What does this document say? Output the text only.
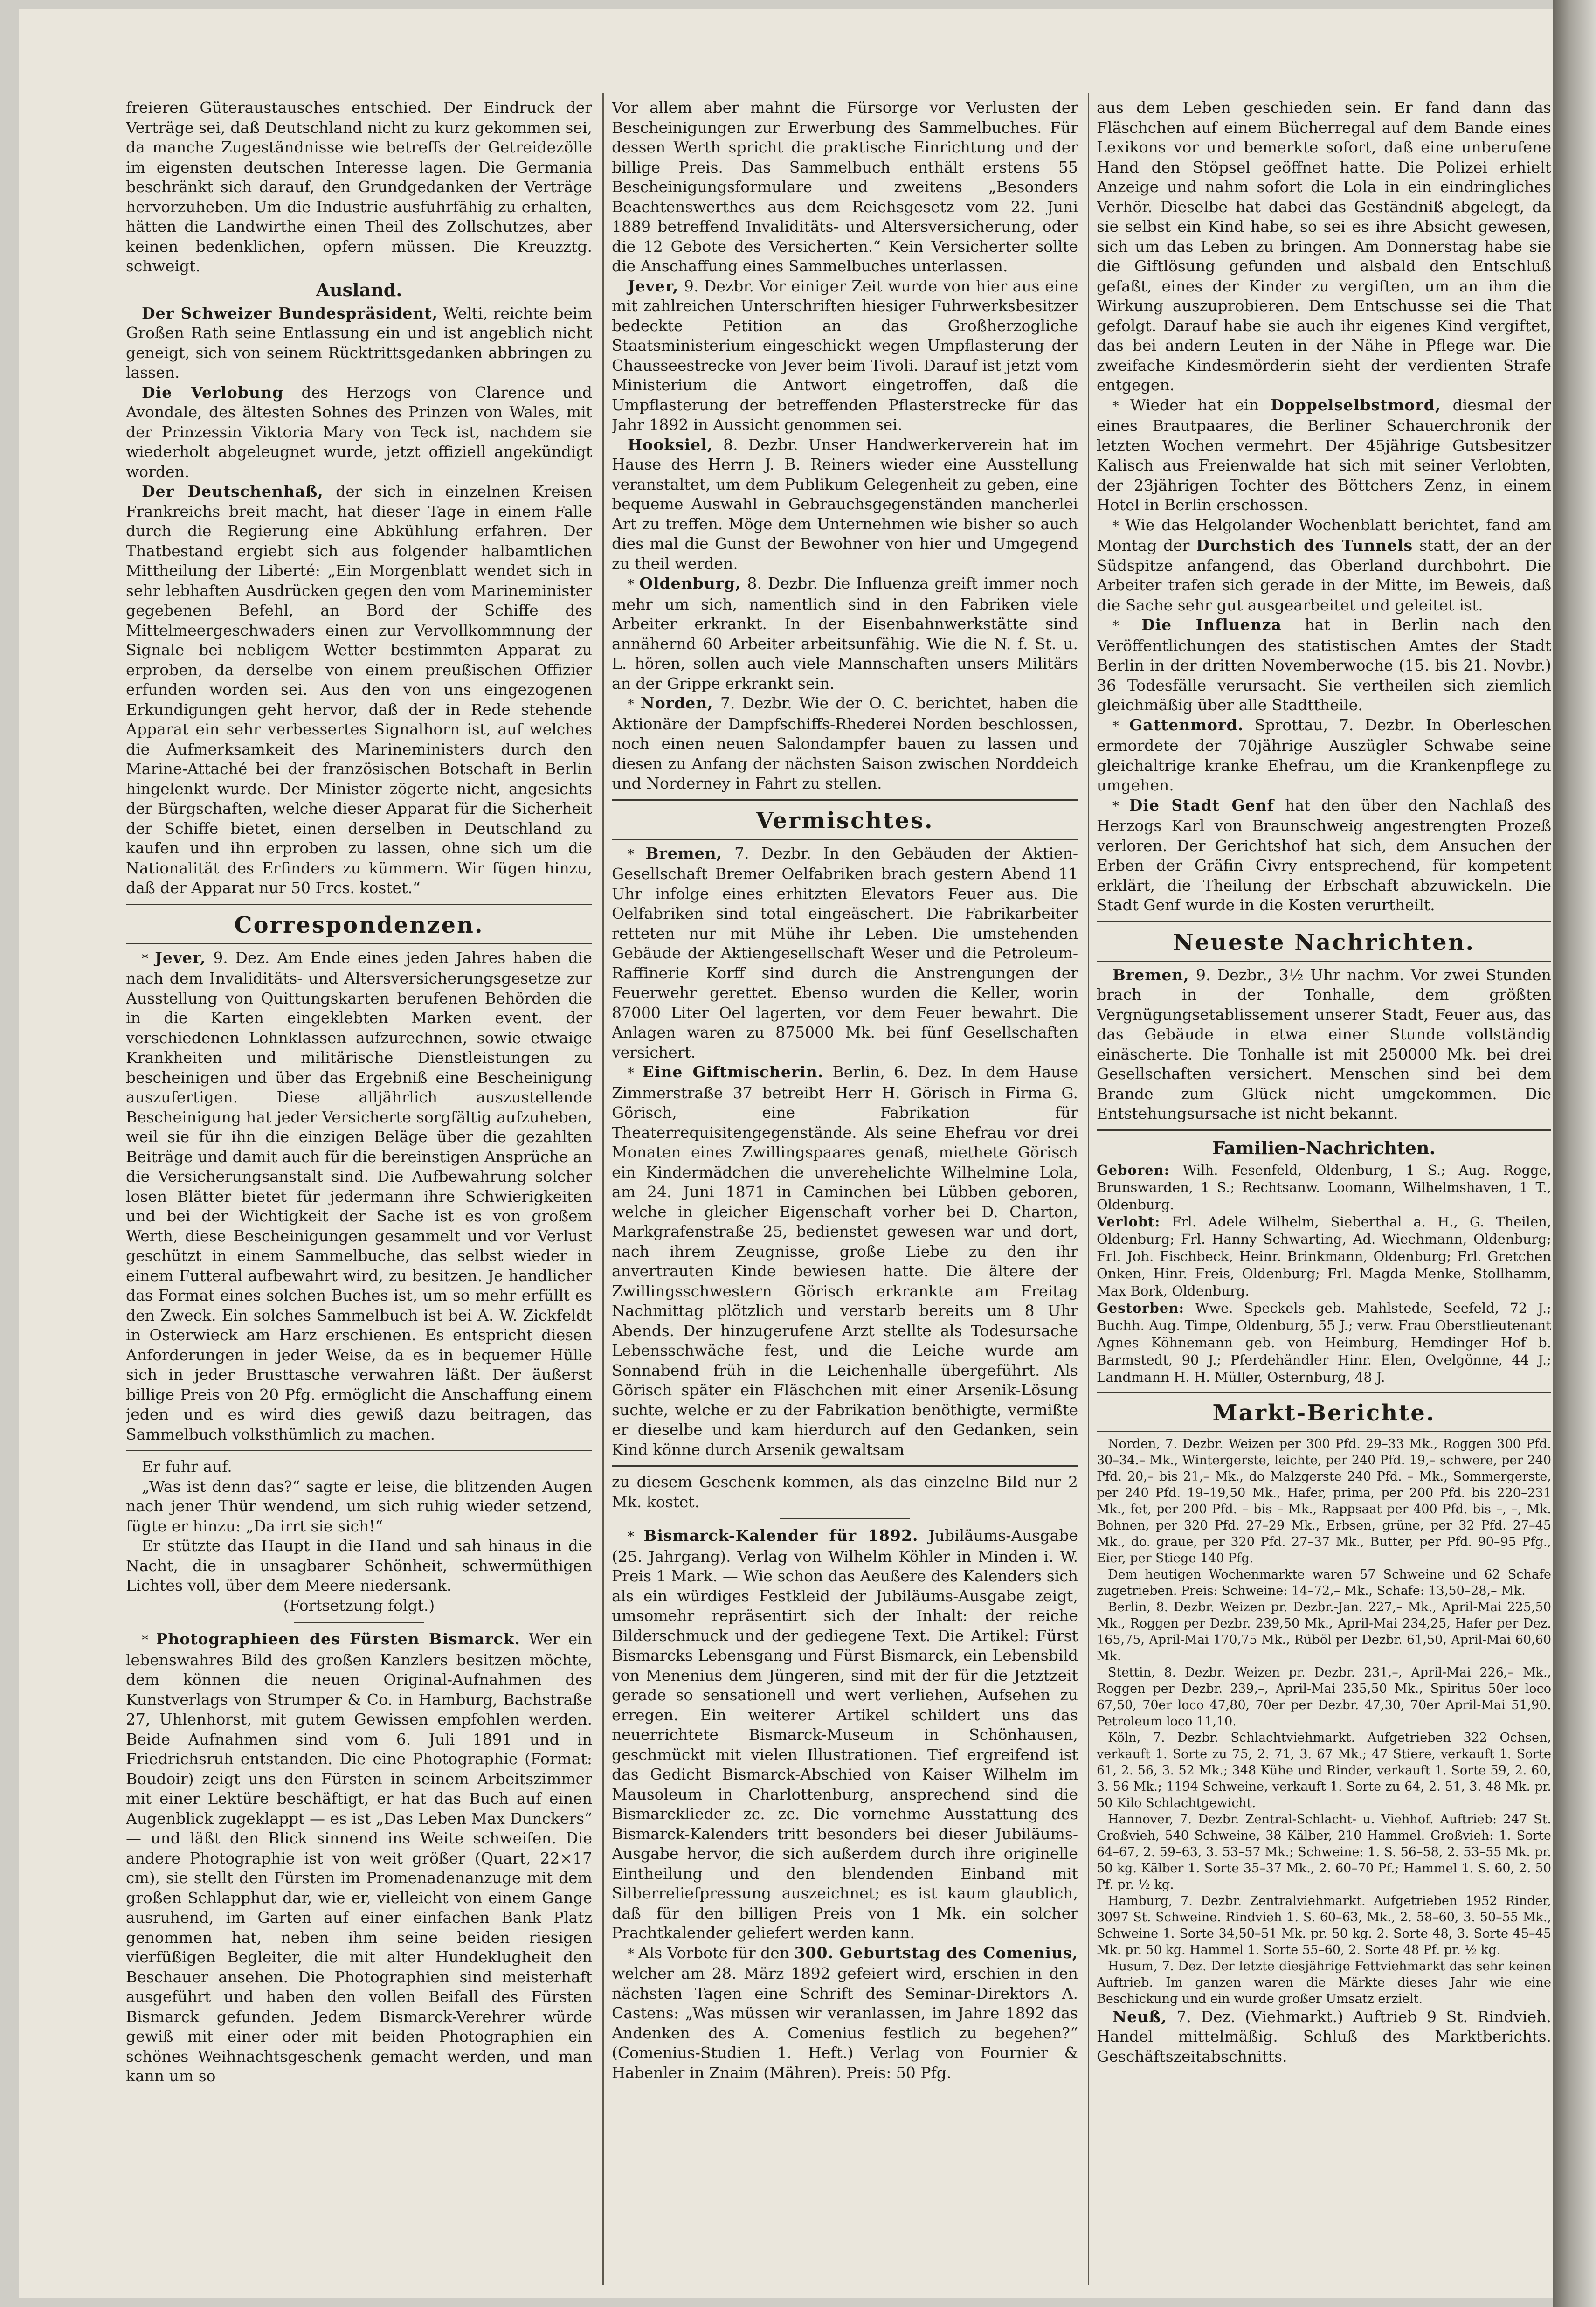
freieren Güteraustausches entschied. Der Eindruck der Verträge sei, daß Deutschland nicht zu kurz gekommen sei, da manche Zugeständnisse wie betreffs der Getreidezölle im eigensten deutschen Interesse lagen. Die Germania beschränkt sich darauf, den Grundgedanken der Verträge hervorzuheben. Um die Industrie ausfuhrfähig zu erhalten, hätten die Landwirthe einen Theil des Zollschutzes, aber keinen bedenklichen, opfern müssen. Die Kreuzztg. schweigt.

Ausland.

Der Schweizer Bundespräsident, Welti, reichte beim Großen Rath seine Entlassung ein und ist angeblich nicht geneigt, sich von seinem Rücktrittsgedanken abbringen zu lassen.

Die Verlobung des Herzogs von Clarence und Avondale, des ältesten Sohnes des Prinzen von Wales, mit der Prinzessin Viktoria Mary von Teck ist, nachdem sie wiederholt abgeleugnet wurde, jetzt offiziell angekündigt worden.

Der Deutschenhaß, der sich in einzelnen Kreisen Frankreichs breit macht, hat dieser Tage in einem Falle durch die Regierung eine Abkühlung erfahren. Der Thatbestand ergiebt sich aus folgender halbamtlichen Mittheilung der Liberté: „Ein Morgenblatt wendet sich in sehr lebhaften Ausdrücken gegen den vom Marineminister gegebenen Befehl, an Bord der Schiffe des Mittelmeergeschwaders einen zur Vervollkommnung der Signale bei nebligem Wetter bestimmten Apparat zu erproben, da derselbe von einem preußischen Offizier erfunden worden sei. Aus den von uns eingezogenen Erkundigungen geht hervor, daß der in Rede stehende Apparat ein sehr verbessertes Signalhorn ist, auf welches die Aufmerksamkeit des Marineministers durch den Marine-Attaché bei der französischen Botschaft in Berlin hingelenkt wurde. Der Minister zögerte nicht, angesichts der Bürgschaften, welche dieser Apparat für die Sicherheit der Schiffe bietet, einen derselben in Deutschland zu kaufen und ihn erproben zu lassen, ohne sich um die Nationalität des Erfinders zu kümmern. Wir fügen hinzu, daß der Apparat nur 50 Frcs. kostet.“

Correspondenzen.

* Jever, 9. Dez. Am Ende eines jeden Jahres haben die nach dem Invaliditäts- und Altersversicherungsgesetze zur Ausstellung von Quittungskarten berufenen Behörden die in die Karten eingeklebten Marken event. der verschiedenen Lohnklassen aufzurechnen, sowie etwaige Krankheiten und militärische Dienstleistungen zu bescheinigen und über das Ergebniß eine Bescheinigung auszufertigen. Diese alljährlich auszustellende Bescheinigung hat jeder Versicherte sorgfältig aufzuheben, weil sie für ihn die einzigen Beläge über die gezahlten Beiträge und damit auch für die bereinstigen Ansprüche an die Versicherungsanstalt sind. Die Aufbewahrung solcher losen Blätter bietet für jedermann ihre Schwierigkeiten und bei der Wichtigkeit der Sache ist es von großem Werth, diese Bescheinigungen gesammelt und vor Verlust geschützt in einem Sammelbuche, das selbst wieder in einem Futteral aufbewahrt wird, zu besitzen. Je handlicher das Format eines solchen Buches ist, um so mehr erfüllt es den Zweck. Ein solches Sammelbuch ist bei A. W. Zickfeldt in Osterwieck am Harz erschienen. Es entspricht diesen Anforderungen in jeder Weise, da es in bequemer Hülle sich in jeder Brusttasche verwahren läßt. Der äußerst billige Preis von 20 Pfg. ermöglicht die Anschaffung einem jeden und es wird dies gewiß dazu beitragen, das Sammelbuch volksthümlich zu machen.

Er fuhr auf.

„Was ist denn das?“ sagte er leise, die blitzenden Augen nach jener Thür wendend, um sich ruhig wieder setzend, fügte er hinzu: „Da irrt sie sich!“

Er stützte das Haupt in die Hand und sah hinaus in die Nacht, die in unsagbarer Schönheit, schwermüthigen Lichtes voll, über dem Meere niedersank.

(Fortsetzung folgt.)

* Photographieen des Fürsten Bismarck. Wer ein lebenswahres Bild des großen Kanzlers besitzen möchte, dem können die neuen Original-Aufnahmen des Kunstverlags von Strumper & Co. in Hamburg, Bachstraße 27, Uhlenhorst, mit gutem Gewissen empfohlen werden. Beide Aufnahmen sind vom 6. Juli 1891 und in Friedrichsruh entstanden. Die eine Photographie (Format: Boudoir) zeigt uns den Fürsten in seinem Arbeitszimmer mit einer Lektüre beschäftigt, er hat das Buch auf einen Augenblick zugeklappt — es ist „Das Leben Max Dunckers“ — und läßt den Blick sinnend ins Weite schweifen. Die andere Photographie ist von weit größer (Quart, 22×17 cm), sie stellt den Fürsten im Promenadenanzuge mit dem großen Schlapphut dar, wie er, vielleicht von einem Gange ausruhend, im Garten auf einer einfachen Bank Platz genommen hat, neben ihm seine beiden riesigen vierfüßigen Begleiter, die mit alter Hundeklugheit den Beschauer ansehen. Die Photographien sind meisterhaft ausgeführt und haben den vollen Beifall des Fürsten Bismarck gefunden. Jedem Bismarck-Verehrer würde gewiß mit einer oder mit beiden Photographien ein schönes Weihnachtsgeschenk gemacht werden, und man kann um so

Vor allem aber mahnt die Fürsorge vor Verlusten der Bescheinigungen zur Erwerbung des Sammelbuches. Für dessen Werth spricht die praktische Einrichtung und der billige Preis. Das Sammelbuch enthält erstens 55 Bescheinigungsformulare und zweitens „Besonders Beachtenswerthes aus dem Reichsgesetz vom 22. Juni 1889 betreffend Invaliditäts- und Altersversicherung, oder die 12 Gebote des Versicherten.“ Kein Versicherter sollte die Anschaffung eines Sammelbuches unterlassen.

Jever, 9. Dezbr. Vor einiger Zeit wurde von hier aus eine mit zahlreichen Unterschriften hiesiger Fuhrwerksbesitzer bedeckte Petition an das Großherzogliche Staatsministerium eingeschickt wegen Umpflasterung der Chausseestrecke von Jever beim Tivoli. Darauf ist jetzt vom Ministerium die Antwort eingetroffen, daß die Umpflasterung der betreffenden Pflasterstrecke für das Jahr 1892 in Aussicht genommen sei.

Hooksiel, 8. Dezbr. Unser Handwerkerverein hat im Hause des Herrn J. B. Reiners wieder eine Ausstellung veranstaltet, um dem Publikum Gelegenheit zu geben, eine bequeme Auswahl in Gebrauchsgegenständen mancherlei Art zu treffen. Möge dem Unternehmen wie bisher so auch dies mal die Gunst der Bewohner von hier und Umgegend zu theil werden.

* Oldenburg, 8. Dezbr. Die Influenza greift immer noch mehr um sich, namentlich sind in den Fabriken viele Arbeiter erkrankt. In der Eisenbahnwerkstätte sind annähernd 60 Arbeiter arbeitsunfähig. Wie die N. f. St. u. L. hören, sollen auch viele Mannschaften unsers Militärs an der Grippe erkrankt sein.

* Norden, 7. Dezbr. Wie der O. C. berichtet, haben die Aktionäre der Dampfschiffs-Rhederei Norden beschlossen, noch einen neuen Salondampfer bauen zu lassen und diesen zu Anfang der nächsten Saison zwischen Norddeich und Norderney in Fahrt zu stellen.

Vermischtes.

* Bremen, 7. Dezbr. In den Gebäuden der Aktien-Gesellschaft Bremer Oelfabriken brach gestern Abend 11 Uhr infolge eines erhitzten Elevators Feuer aus. Die Oelfabriken sind total eingeäschert. Die Fabrikarbeiter retteten nur mit Mühe ihr Leben. Die umstehenden Gebäude der Aktiengesellschaft Weser und die Petroleum-Raffinerie Korff sind durch die Anstrengungen der Feuerwehr gerettet. Ebenso wurden die Keller, worin 87000 Liter Oel lagerten, vor dem Feuer bewahrt. Die Anlagen waren zu 875000 Mk. bei fünf Gesellschaften versichert.

* Eine Giftmischerin. Berlin, 6. Dez. In dem Hause Zimmerstraße 37 betreibt Herr H. Görisch in Firma G. Görisch, eine Fabrikation für Theaterrequisitengegenstände. Als seine Ehefrau vor drei Monaten eines Zwillingspaares genaß, miethete Görisch ein Kindermädchen die unverehelichte Wilhelmine Lola, am 24. Juni 1871 in Caminchen bei Lübben geboren, welche in gleicher Eigenschaft vorher bei D. Charton, Markgrafenstraße 25, bedienstet gewesen war und dort, nach ihrem Zeugnisse, große Liebe zu den ihr anvertrauten Kinde bewiesen hatte. Die ältere der Zwillingsschwestern Görisch erkrankte am Freitag Nachmittag plötzlich und verstarb bereits um 8 Uhr Abends. Der hinzugerufene Arzt stellte als Todesursache Lebensschwäche fest, und die Leiche wurde am Sonnabend früh in die Leichenhalle übergeführt. Als Görisch später ein Fläschchen mit einer Arsenik-Lösung suchte, welche er zu der Fabrikation benöthigte, vermißte er dieselbe und kam hierdurch auf den Gedanken, sein Kind könne durch Arsenik gewaltsam

zu diesem Geschenk kommen, als das einzelne Bild nur 2 Mk. kostet.

* Bismarck-Kalender für 1892. Jubiläums-Ausgabe (25. Jahrgang). Verlag von Wilhelm Köhler in Minden i. W. Preis 1 Mark. — Wie schon das Aeußere des Kalenders sich als ein würdiges Festkleid der Jubiläums-Ausgabe zeigt, umsomehr repräsentirt sich der Inhalt: der reiche Bilderschmuck und der gediegene Text. Die Artikel: Fürst Bismarcks Lebensgang und Fürst Bismarck, ein Lebensbild von Menenius dem Jüngeren, sind mit der für die Jetztzeit gerade so sensationell und wert verliehen, Aufsehen zu erregen. Ein weiterer Artikel schildert uns das neuerrichtete Bismarck-Museum in Schönhausen, geschmückt mit vielen Illustrationen. Tief ergreifend ist das Gedicht Bismarck-Abschied von Kaiser Wilhelm im Mausoleum in Charlottenburg, ansprechend sind die Bismarcklieder zc. zc. Die vornehme Ausstattung des Bismarck-Kalenders tritt besonders bei dieser Jubiläums-Ausgabe hervor, die sich außerdem durch ihre originelle Eintheilung und den blendenden Einband mit Silberreliefpressung auszeichnet; es ist kaum glaublich, daß für den billigen Preis von 1 Mk. ein solcher Prachtkalender geliefert werden kann.

* Als Vorbote für den 300. Geburtstag des Comenius, welcher am 28. März 1892 gefeiert wird, erschien in den nächsten Tagen eine Schrift des Seminar-Direktors A. Castens: „Was müssen wir veranlassen, im Jahre 1892 das Andenken des A. Comenius festlich zu begehen?“ (Comenius-Studien 1. Heft.) Verlag von Fournier & Habenler in Znaim (Mähren). Preis: 50 Pfg.

aus dem Leben geschieden sein. Er fand dann das Fläschchen auf einem Bücherregal auf dem Bande eines Lexikons vor und bemerkte sofort, daß eine unberufene Hand den Stöpsel geöffnet hatte. Die Polizei erhielt Anzeige und nahm sofort die Lola in ein eindringliches Verhör. Dieselbe hat dabei das Geständniß abgelegt, da sie selbst ein Kind habe, so sei es ihre Absicht gewesen, sich um das Leben zu bringen. Am Donnerstag habe sie die Giftlösung gefunden und alsbald den Entschluß gefaßt, eines der Kinder zu vergiften, um an ihm die Wirkung auszuprobieren. Dem Entschusse sei die That gefolgt. Darauf habe sie auch ihr eigenes Kind vergiftet, das bei andern Leuten in der Nähe in Pflege war. Die zweifache Kindesmörderin sieht der verdienten Strafe entgegen.

* Wieder hat ein Doppelselbstmord, diesmal der eines Brautpaares, die Berliner Schauerchronik der letzten Wochen vermehrt. Der 45jährige Gutsbesitzer Kalisch aus Freienwalde hat sich mit seiner Verlobten, der 23jährigen Tochter des Böttchers Zenz, in einem Hotel in Berlin erschossen.

* Wie das Helgolander Wochenblatt berichtet, fand am Montag der Durchstich des Tunnels statt, der an der Südspitze anfangend, das Oberland durchbohrt. Die Arbeiter trafen sich gerade in der Mitte, im Beweis, daß die Sache sehr gut ausgearbeitet und geleitet ist.

* Die Influenza hat in Berlin nach den Veröffentlichungen des statistischen Amtes der Stadt Berlin in der dritten Novemberwoche (15. bis 21. Novbr.) 36 Todesfälle verursacht. Sie vertheilen sich ziemlich gleichmäßig über alle Stadttheile.

* Gattenmord. Sprottau, 7. Dezbr. In Oberleschen ermordete der 70jährige Auszügler Schwabe seine gleichaltrige kranke Ehefrau, um die Krankenpflege zu umgehen.

* Die Stadt Genf hat den über den Nachlaß des Herzogs Karl von Braunschweig angestrengten Prozeß verloren. Der Gerichtshof hat sich, dem Ansuchen der Erben der Gräfin Civry entsprechend, für kompetent erklärt, die Theilung der Erbschaft abzuwickeln. Die Stadt Genf wurde in die Kosten verurtheilt.

Neueste Nachrichten.

Bremen, 9. Dezbr., 3½ Uhr nachm. Vor zwei Stunden brach in der Tonhalle, dem größten Vergnügungsetablissement unserer Stadt, Feuer aus, das das Gebäude in etwa einer Stunde vollständig einäscherte. Die Tonhalle ist mit 250000 Mk. bei drei Gesellschaften versichert. Menschen sind bei dem Brande zum Glück nicht umgekommen. Die Entstehungsursache ist nicht bekannt.

Familien-Nachrichten.

Geboren: Wilh. Fesenfeld, Oldenburg, 1 S.; Aug. Rogge, Brunswarden, 1 S.; Rechtsanw. Loomann, Wilhelmshaven, 1 T., Oldenburg.

Verlobt: Frl. Adele Wilhelm, Sieberthal a. H., G. Theilen, Oldenburg; Frl. Hanny Schwarting, Ad. Wiechmann, Oldenburg; Frl. Joh. Fischbeck, Heinr. Brinkmann, Oldenburg; Frl. Gretchen Onken, Hinr. Freis, Oldenburg; Frl. Magda Menke, Stollhamm, Max Bork, Oldenburg.

Gestorben: Wwe. Speckels geb. Mahlstede, Seefeld, 72 J.; Buchh. Aug. Timpe, Oldenburg, 55 J.; verw. Frau Oberstlieutenant Agnes Köhnemann geb. von Heimburg, Hemdinger Hof b. Barmstedt, 90 J.; Pferdehändler Hinr. Elen, Ovelgönne, 44 J.; Landmann H. H. Müller, Osternburg, 48 J.

Markt-Berichte.

Norden, 7. Dezbr. Weizen per 300 Pfd. 29–33 Mk., Roggen 300 Pfd. 30–34.– Mk., Wintergerste, leichte, per 240 Pfd. 19,– schwere, per 240 Pfd. 20,– bis 21,– Mk., do Malzgerste 240 Pfd. – Mk., Sommergerste, per 240 Pfd. 19–19,50 Mk., Hafer, prima, per 200 Pfd. bis 220–231 Mk., fet, per 200 Pfd. – bis – Mk., Rappsaat per 400 Pfd. bis –, –, Mk. Bohnen, per 320 Pfd. 27–29 Mk., Erbsen, grüne, per 32 Pfd. 27–45 Mk., do. graue, per 320 Pfd. 27–37 Mk., Butter, per Pfd. 90–95 Pfg., Eier, per Stiege 140 Pfg.

Dem heutigen Wochenmarkte waren 57 Schweine und 62 Schafe zugetrieben. Preis: Schweine: 14–72,– Mk., Schafe: 13,50–28,– Mk.

Berlin, 8. Dezbr. Weizen pr. Dezbr.-Jan. 227,– Mk., April-Mai 225,50 Mk., Roggen per Dezbr. 239,50 Mk., April-Mai 234,25, Hafer per Dez. 165,75, April-Mai 170,75 Mk., Rüböl per Dezbr. 61,50, April-Mai 60,60 Mk.

Stettin, 8. Dezbr. Weizen pr. Dezbr. 231,–, April-Mai 226,– Mk., Roggen per Dezbr. 239,–, April-Mai 235,50 Mk., Spiritus 50er loco 67,50, 70er loco 47,80, 70er per Dezbr. 47,30, 70er April-Mai 51,90. Petroleum loco 11,10.

Köln, 7. Dezbr. Schlachtviehmarkt. Aufgetrieben 322 Ochsen, verkauft 1. Sorte zu 75, 2. 71, 3. 67 Mk.; 47 Stiere, verkauft 1. Sorte 61, 2. 56, 3. 52 Mk.; 348 Kühe und Rinder, verkauft 1. Sorte 59, 2. 60, 3. 56 Mk.; 1194 Schweine, verkauft 1. Sorte zu 64, 2. 51, 3. 48 Mk. pr. 50 Kilo Schlachtgewicht.

Hannover, 7. Dezbr. Zentral-Schlacht- u. Viehhof. Auftrieb: 247 St. Großvieh, 540 Schweine, 38 Kälber, 210 Hammel. Großvieh: 1. Sorte 64–67, 2. 59–63, 3. 53–57 Mk.; Schweine: 1. S. 56–58, 2. 53–55 Mk. pr. 50 kg. Kälber 1. Sorte 35–37 Mk., 2. 60–70 Pf.; Hammel 1. S. 60, 2. 50 Pf. pr. ½ kg.

Hamburg, 7. Dezbr. Zentralviehmarkt. Aufgetrieben 1952 Rinder, 3097 St. Schweine. Rindvieh 1. S. 60–63, Mk., 2. 58–60, 3. 50–55 Mk., Schweine 1. Sorte 34,50–51 Mk. pr. 50 kg. 2. Sorte 48, 3. Sorte 45–45 Mk. pr. 50 kg. Hammel 1. Sorte 55–60, 2. Sorte 48 Pf. pr. ½ kg.

Husum, 7. Dez. Der letzte diesjährige Fettviehmarkt das sehr keinen Auftrieb. Im ganzen waren die Märkte dieses Jahr wie eine Beschickung und ein wurde großer Umsatz erzielt.

Neuß, 7. Dez. (Viehmarkt.) Auftrieb 9 St. Rindvieh. Handel mittelmäßig. Schluß des Marktberichts. Geschäftszeitabschnitts.
